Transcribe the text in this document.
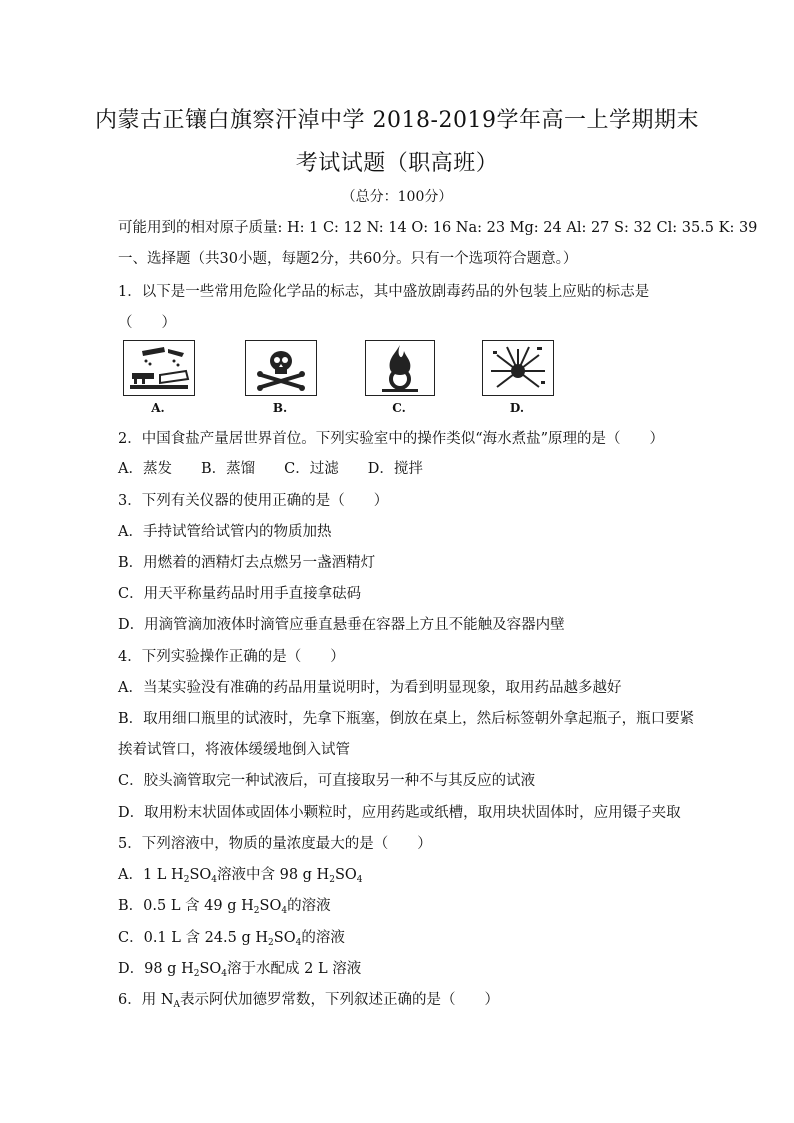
内蒙古正镶白旗察汗淖中学 2018-2019学年高一上学期期末
考试试题（职高班）
（总分：100分）
可能用到的相对原子质量: H: 1 C: 12 N: 14 O: 16 Na: 23 Mg: 24 Al: 27 S: 32 Cl: 35.5 K: 39
一、选择题（共30小题，每题2分，共60分。只有一个选项符合题意。）
1．以下是一些常用危险化学品的标志，其中盛放剧毒药品的外包装上应贴的标志是
（　　）
A.	B.	C.	D.
2．中国食盐产量居世界首位。下列实验室中的操作类似“海水煮盐”原理的是（　　）
A．蒸发　　B．蒸馏　　C．过滤　　D．搅拌
3．下列有关仪器的使用正确的是（　　）
A．手持试管给试管内的物质加热
B．用燃着的酒精灯去点燃另一盏酒精灯
C．用天平称量药品时用手直接拿砝码
D．用滴管滴加液体时滴管应垂直悬垂在容器上方且不能触及容器内壁
4．下列实验操作正确的是（　　）
A．当某实验没有准确的药品用量说明时，为看到明显现象，取用药品越多越好
B．取用细口瓶里的试液时，先拿下瓶塞，倒放在桌上，然后标签朝外拿起瓶子，瓶口要紧
挨着试管口，将液体缓缓地倒入试管
C．胶头滴管取完一种试液后，可直接取另一种不与其反应的试液
D．取用粉末状固体或固体小颗粒时，应用药匙或纸槽，取用块状固体时，应用镊子夹取
5．下列溶液中，物质的量浓度最大的是（　　）
A．1 L $H_2SO_4$溶液中含 98 g $H_2SO_4$
B．0.5 L 含 49 g $H_2SO_4$的溶液
C．0.1 L 含 24.5 g $H_2SO_4$的溶液
D．98 g $H_2SO_4$溶于水配成 2 L 溶液
6．用 $N_A$表示阿伏加德罗常数，下列叙述正确的是（　　）
